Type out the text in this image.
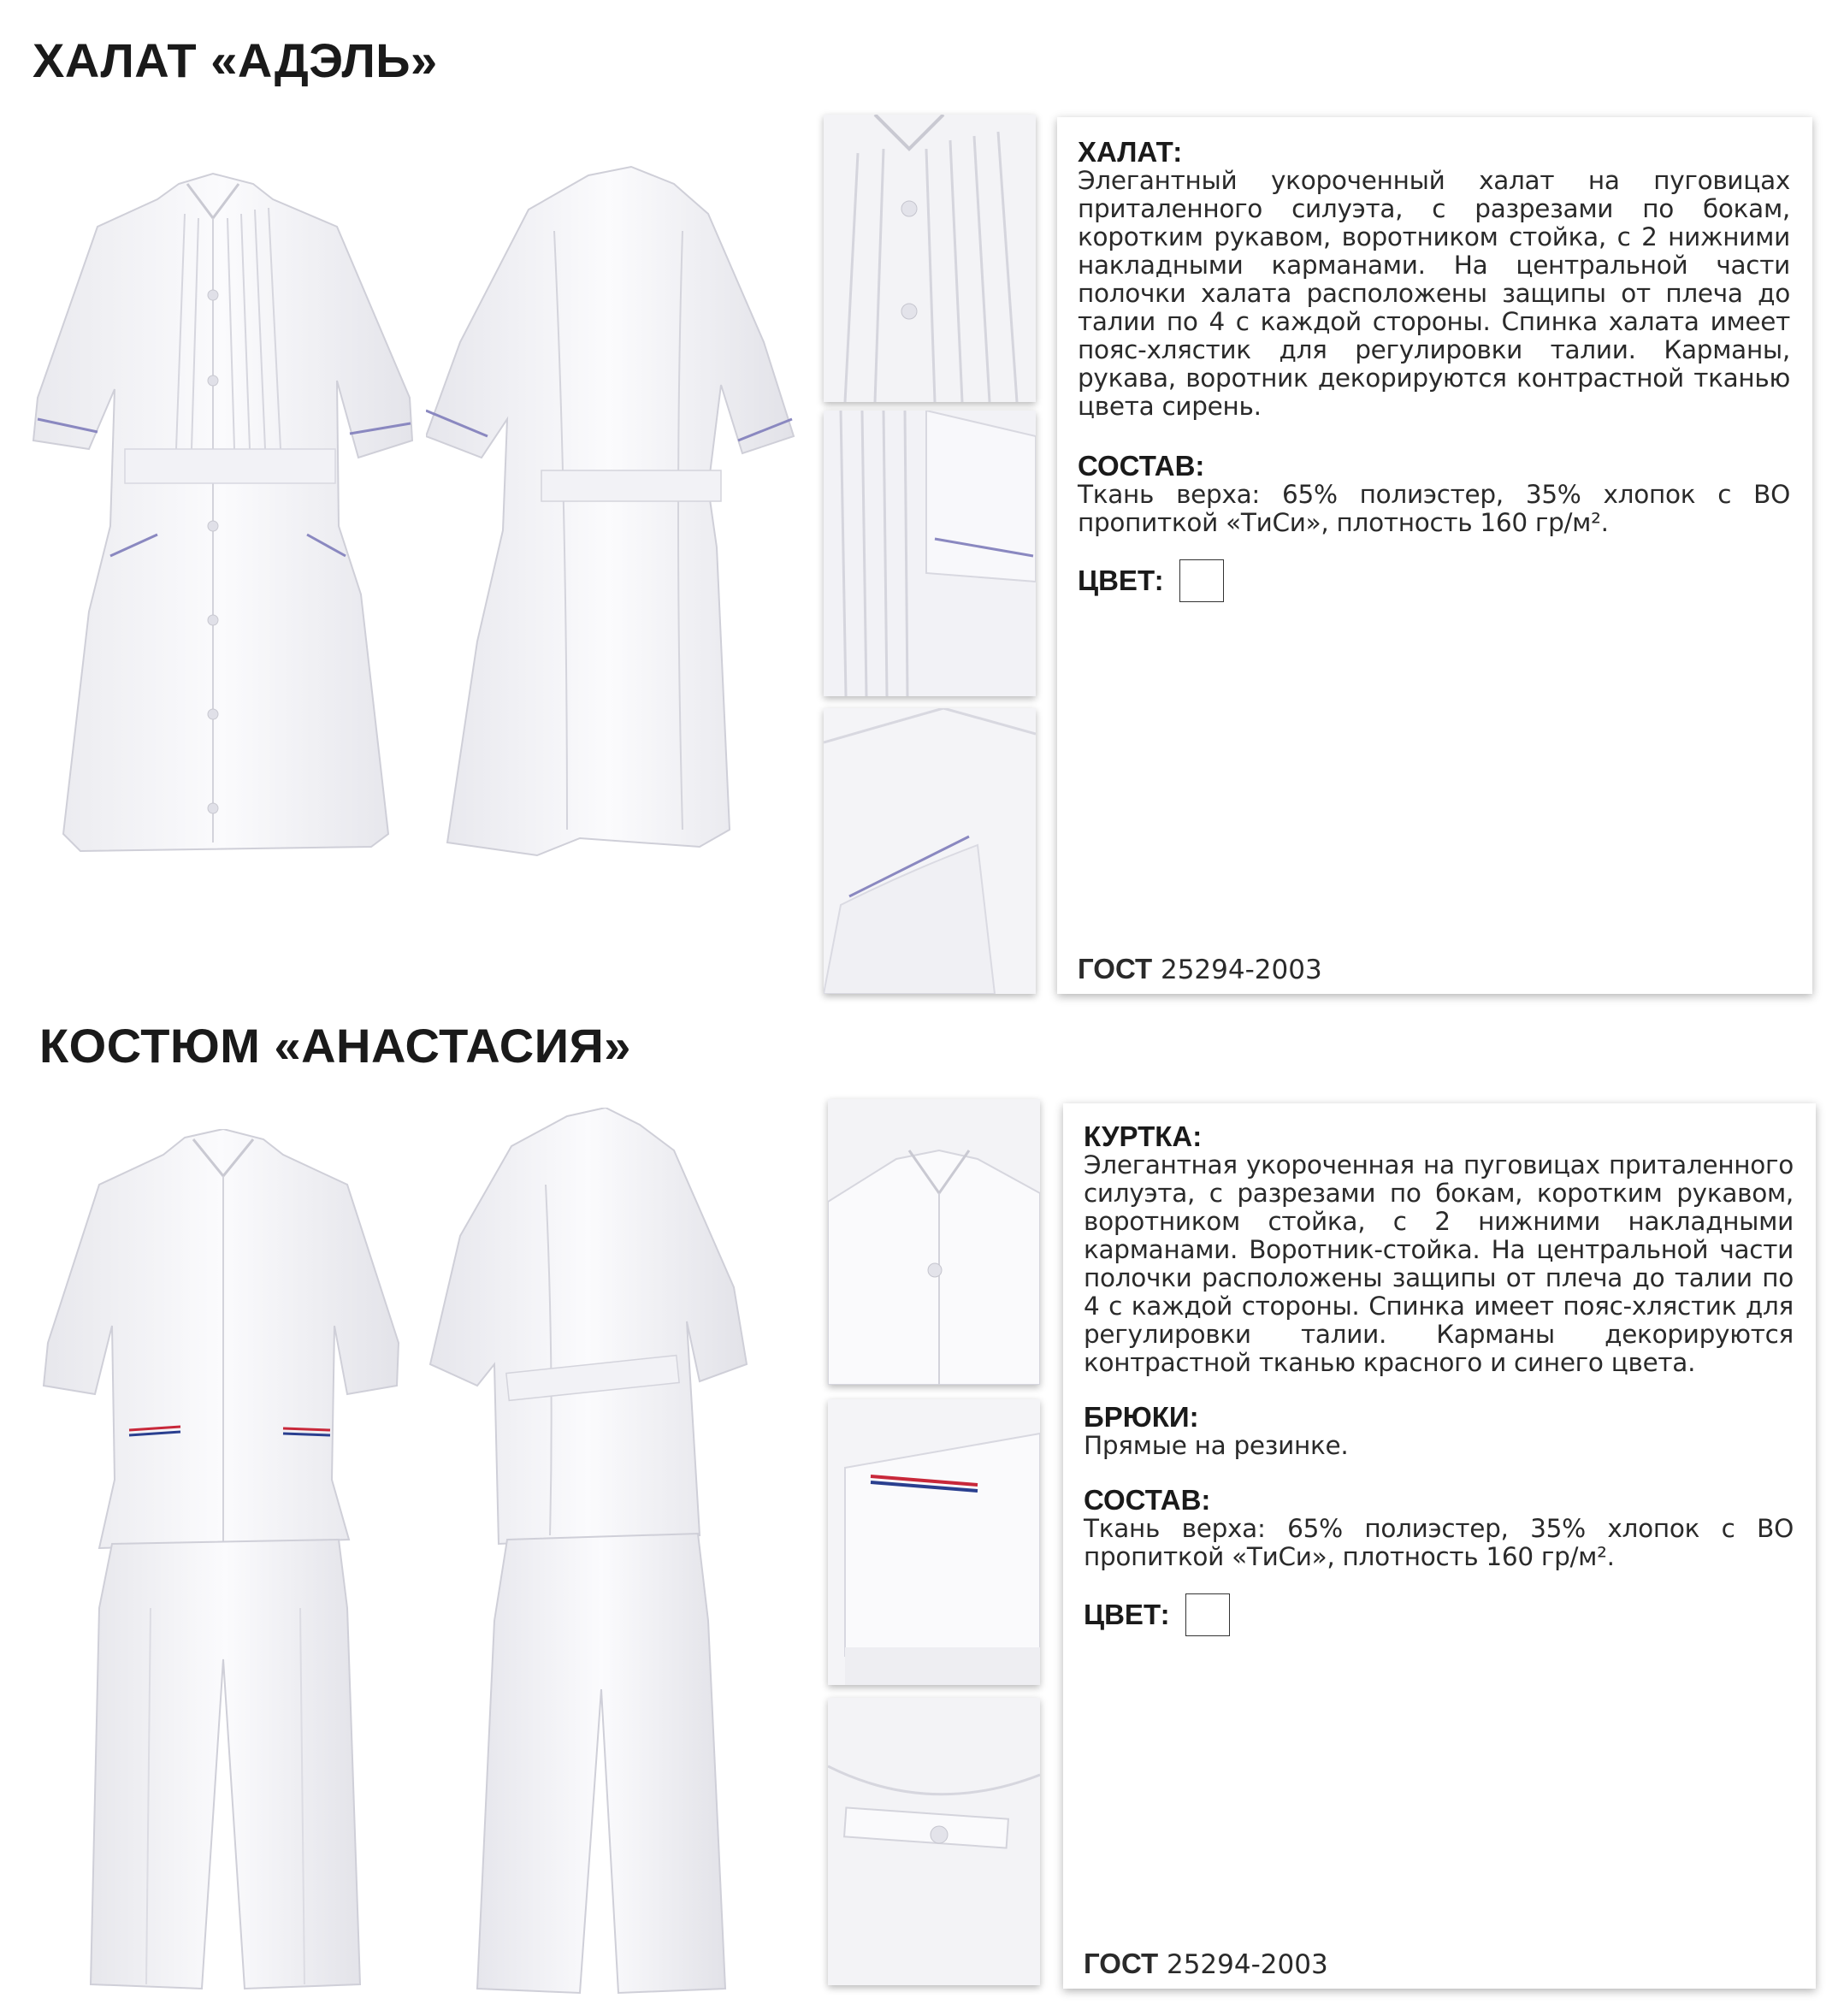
ХАЛАТ «АДЭЛЬ»
ХАЛАТ:

Элегантный укороченный халат на пуговицах приталенного силуэта, с разрезами по бокам, коротким рукавом, воротником стойка, с 2 нижними накладными карманами. На центральной части полочки халата расположены защипы от плеча до талии по 4 с каждой стороны. Спинка халата имеет пояс-хлястик для регулировки талии. Карманы, рукава, воротник декорируются контрастной тканью цвета сирень.

СОСТАВ:

Ткань верха: 65% полиэстер, 35% хлопок с ВО пропиткой «ТиСи», плотность 160 гр/м².

ЦВЕТ:
ГОСТ 25294-2003
КОСТЮМ «АНАСТАСИЯ»
КУРТКА:

Элегантная укороченная на пуговицах приталенного силуэта, с разрезами по бокам, коротким рукавом, воротником стойка, с 2 нижними накладными карманами. Воротник-стойка. На центральной части полочки расположены защипы от плеча до талии по 4 с каждой стороны. Спинка имеет пояс-хлястик для регулировки талии. Карманы декорируются контрастной тканью красного и синего цвета.

БРЮКИ:

Прямые на резинке.

СОСТАВ:

Ткань верха: 65% полиэстер, 35% хлопок с ВО пропиткой «ТиСи», плотность 160 гр/м².

ЦВЕТ:
ГОСТ 25294-2003
